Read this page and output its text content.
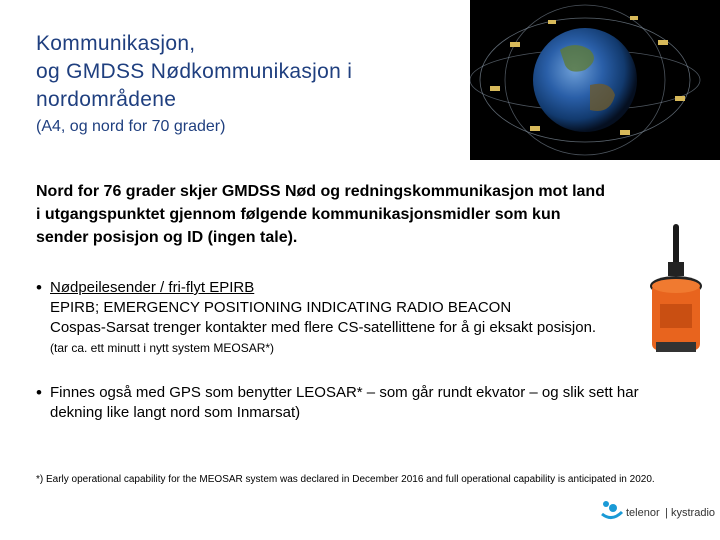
Kommunikasjon,
og GMDSS Nødkommunikasjon i
nordområdene
(A4, og nord for 70 grader)
Nord for 76 grader skjer GMDSS Nød og redningskommunikasjon mot land
i utgangspunktet gjennom følgende kommunikasjonsmidler som kun
sender posisjon og ID (ingen tale).
• Nødpeilesender / fri-flyt EPIRB
EPIRB; EMERGENCY POSITIONING INDICATING RADIO BEACON
Cospas-Sarsat trenger kontakter med flere CS-satellittene for å gi eksakt posisjon.
(tar ca. ett minutt i nytt system MEOSAR*)
• Finnes også med GPS som benytter LEOSAR* – som går rundt ekvator – og slik sett har
dekning like langt nord som Inmarsat)
*) Early operational capability for the MEOSAR system was declared in December 2016 and full operational capability is anticipated in 2020.
telenor | kystradio
